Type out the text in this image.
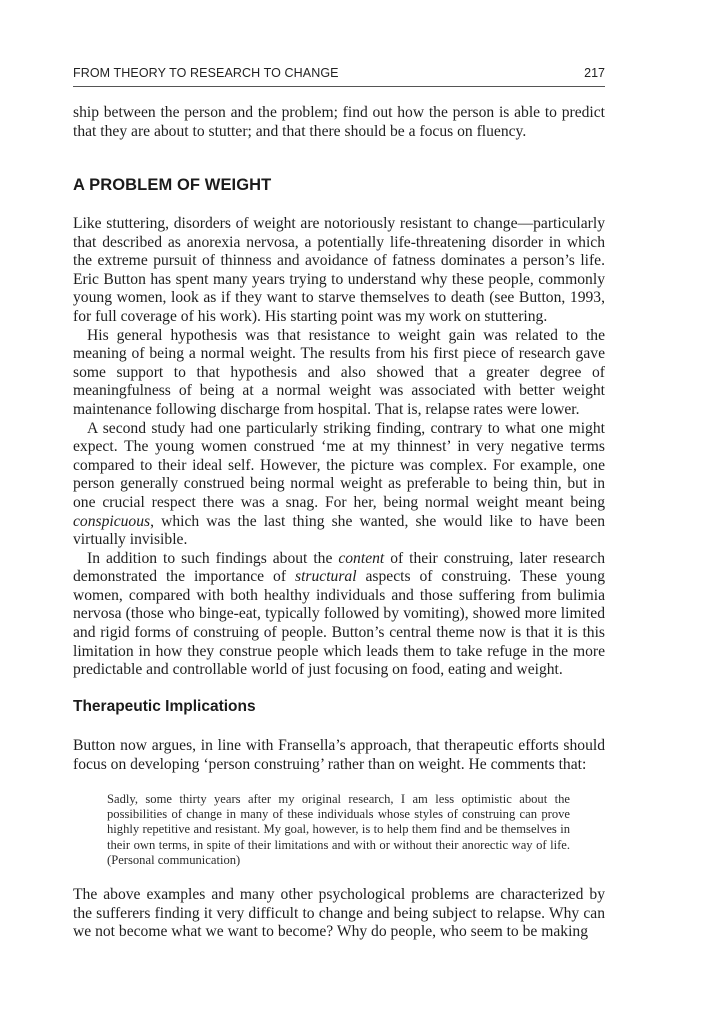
FROM THEORY TO RESEARCH TO CHANGE	217

ship between the person and the problem; find out how the person is able to predict that they are about to stutter; and that there should be a focus on fluency.

A PROBLEM OF WEIGHT

Like stuttering, disorders of weight are notoriously resistant to change—particularly that described as anorexia nervosa, a potentially life-threatening disorder in which the extreme pursuit of thinness and avoidance of fatness dominates a person’s life. Eric Button has spent many years trying to understand why these people, commonly young women, look as if they want to starve themselves to death (see Button, 1993, for full coverage of his work). His starting point was my work on stuttering.

His general hypothesis was that resistance to weight gain was related to the meaning of being a normal weight. The results from his first piece of research gave some support to that hypothesis and also showed that a greater degree of meaningfulness of being at a normal weight was associated with better weight maintenance following discharge from hospital. That is, relapse rates were lower.

A second study had one particularly striking finding, contrary to what one might expect. The young women construed ‘me at my thinnest’ in very negative terms compared to their ideal self. However, the picture was complex. For example, one person generally construed being normal weight as preferable to being thin, but in one crucial respect there was a snag. For her, being normal weight meant being conspicuous, which was the last thing she wanted, she would like to have been virtually invisible.

In addition to such findings about the content of their construing, later research demonstrated the importance of structural aspects of construing. These young women, compared with both healthy individuals and those suffering from bulimia nervosa (those who binge-eat, typically followed by vomiting), showed more limited and rigid forms of construing of people. Button’s central theme now is that it is this limitation in how they construe people which leads them to take refuge in the more predictable and controllable world of just focusing on food, eating and weight.

Therapeutic Implications

Button now argues, in line with Fransella’s approach, that therapeutic efforts should focus on developing ‘person construing’ rather than on weight. He comments that:

Sadly, some thirty years after my original research, I am less optimistic about the possibilities of change in many of these individuals whose styles of construing can prove highly repetitive and resistant. My goal, however, is to help them find and be themselves in their own terms, in spite of their limitations and with or without their anorectic way of life. (Personal communication)

The above examples and many other psychological problems are characterized by the sufferers finding it very difficult to change and being subject to relapse. Why can we not become what we want to become? Why do people, who seem to be making
